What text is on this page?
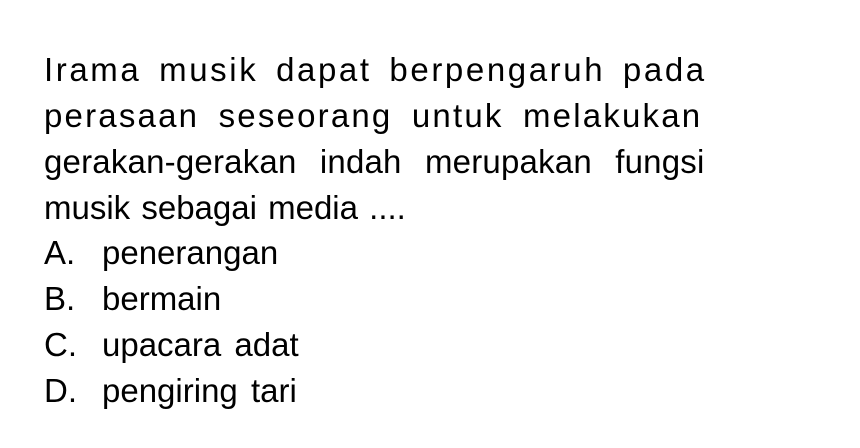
Irama musik dapat berpengaruh pada
perasaan seseorang untuk melakukan
gerakan-gerakan indah merupakan fungsi
musik sebagai media ....
A. penerangan
B. bermain
C. upacara adat
D. pengiring tari
